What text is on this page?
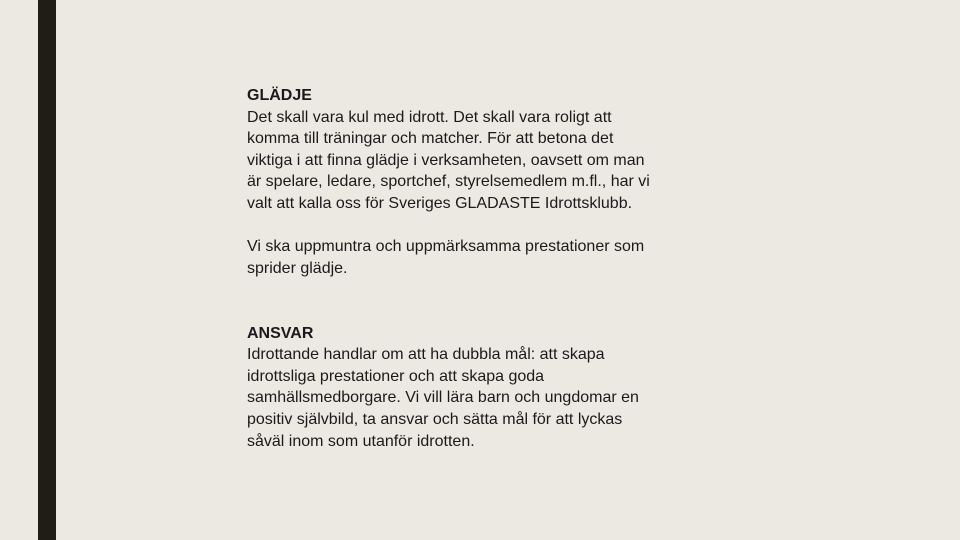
GLÄDJE
Det skall vara kul med idrott. Det skall vara roligt att
komma till träningar och matcher. För att betona det
viktiga i att finna glädje i verksamheten, oavsett om man
är spelare, ledare, sportchef, styrelsemedlem m.fl., har vi
valt att kalla oss för Sveriges GLADASTE Idrottsklubb.
Vi ska uppmuntra och uppmärksamma prestationer som
sprider glädje.
ANSVAR
Idrottande handlar om att ha dubbla mål: att skapa
idrottsliga prestationer och att skapa goda
samhällsmedborgare. Vi vill lära barn och ungdomar en
positiv självbild, ta ansvar och sätta mål för att lyckas
såväl inom som utanför idrotten.
